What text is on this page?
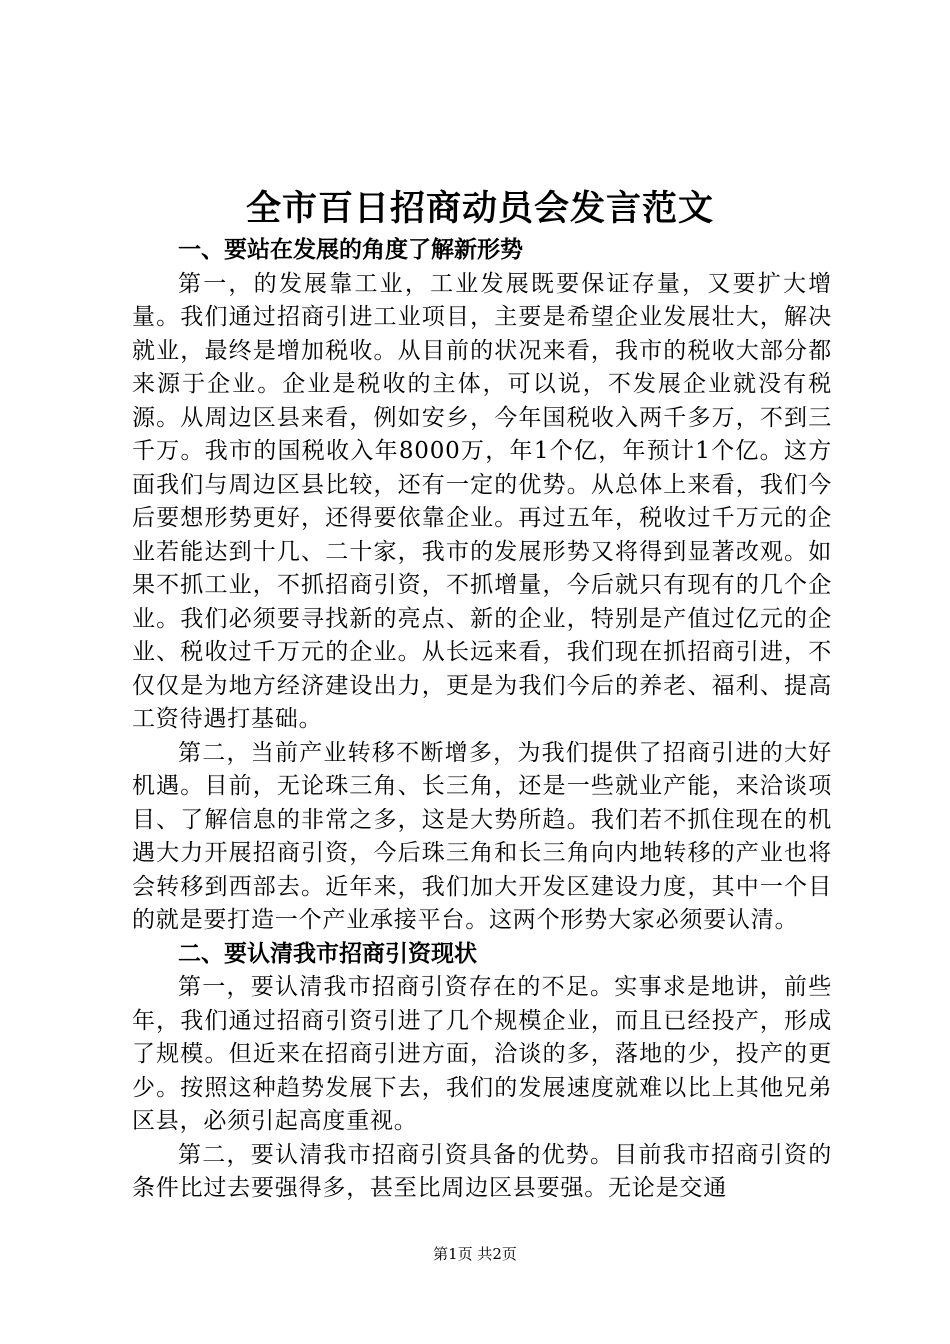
全市百日招商动员会发言范文

一、要站在发展的角度了解新形势

第一，的发展靠工业，工业发展既要保证存量，又要扩大增量。我们通过招商引进工业项目，主要是希望企业发展壮大，解决就业，最终是增加税收。从目前的状况来看，我市的税收大部分都来源于企业。企业是税收的主体，可以说，不发展企业就没有税源。从周边区县来看，例如安乡，今年国税收入两千多万，不到三千万。我市的国税收入年8000万，年1个亿，年预计1个亿。这方面我们与周边区县比较，还有一定的优势。从总体上来看，我们今后要想形势更好，还得要依靠企业。再过五年，税收过千万元的企业若能达到十几、二十家，我市的发展形势又将得到显著改观。如果不抓工业，不抓招商引资，不抓增量，今后就只有现有的几个企业。我们必须要寻找新的亮点、新的企业，特别是产值过亿元的企业、税收过千万元的企业。从长远来看，我们现在抓招商引进，不仅仅是为地方经济建设出力，更是为我们今后的养老、福利、提高工资待遇打基础。

第二，当前产业转移不断增多，为我们提供了招商引进的大好机遇。目前，无论珠三角、长三角，还是一些就业产能，来洽谈项目、了解信息的非常之多，这是大势所趋。我们若不抓住现在的机遇大力开展招商引资，今后珠三角和长三角向内地转移的产业也将会转移到西部去。近年来，我们加大开发区建设力度，其中一个目的就是要打造一个产业承接平台。这两个形势大家必须要认清。

二、要认清我市招商引资现状

第一，要认清我市招商引资存在的不足。实事求是地讲，前些年，我们通过招商引资引进了几个规模企业，而且已经投产，形成了规模。但近来在招商引进方面，洽谈的多，落地的少，投产的更少。按照这种趋势发展下去，我们的发展速度就难以比上其他兄弟区县，必须引起高度重视。

第二，要认清我市招商引资具备的优势。目前我市招商引资的条件比过去要强得多，甚至比周边区县要强。无论是交通

第1页 共2页
